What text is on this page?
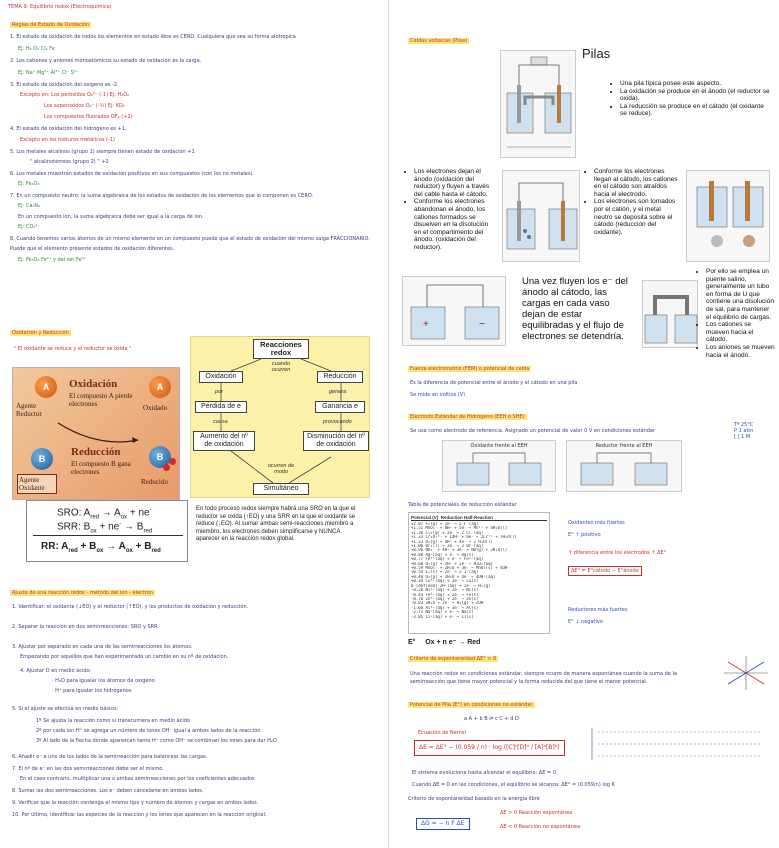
TEMA 9: Equilibrio redox (Electroquímica)
Reglas de Estado de Oxidación
1. El estado de oxidación de todos los elementos en estado libre es CERO. Cualquiera que sea su forma alotrópica
Ej: H₂ O₂ Cl₂ Fe
2. Los cationes y aniones monoatómicos su estado de oxidación es la carga.
Ej: Na⁺ Mg²⁺ Al³⁺ Cl⁻ S²⁻
3. El estado de oxidación del oxígeno es -2.
Excepto en: Los peróxidos O₂²⁻ (-1) Ej: H₂O₂
Los superóxidos O₂⁻ (-½) Ej: KO₂
Los compuestos fluorados OF₂ (+2)
4. El estado de oxidación del hidrógeno es +1.
Excepto en los hidruros metálicos (-1)
5. Los metales alcalinos (grupo 1) siempre tienen estado de oxidación +1
" alcalinotérreos (grupo 2) " +2
6. Los metales muestran estados de oxidación positivos en sus compuestos (con los no metales).
Ej: Fe₂O₃
7. En un compuesto neutro, la suma algebraica de los estados de oxidación de los elementos que lo componen es CERO.
Ej: Ca₃N₂
En un compuesto ion, la suma algebraica debe ser igual a la carga de ion.
Ej: CO₃²⁻
8. Cuando tenemos varios átomos de un mismo elemento en un compuesto puede que el estado de oxidación del mismo salga FRACCIONARIO.
Puede que el elemento presente estados de oxidación diferentes.
Ej: Fe₃O₄ Fe²⁺ y del ion Fe³⁺
Oxidación y Reducción
" El oxidante se reduce y el reductor se oxida "
A	A
Oxidación
El compuesto A pierde electrones
Agente Reductor
Oxidado
Reducción
El compuesto B gana electrones
B	B
Agente Oxidante
Reducido
Reacciones redox
cuando ocurren
Oxidación	Reducción
por	genera
Pérdida de e	Ganancia e
causa	provocando
Aumento del nº de oxidación
Disminución del nº de oxidación
ocurren de modo
Simultáneo
SRO: $A_{red} \to A_{ox} + ne^-$
SRR: $B_{ox} + ne^- \to B_{red}$
RR: $A_{red} + B_{ox} \to A_{ox} + B_{red}$
En todo proceso redox siempre habrá una SRO en la que el reductor se oxida (↑EO) y una SRR en la que el oxidante se reduce (↓EO). Al sumar ambas semi-reacciones miembro a miembro, los electrones deben simplificarse y NUNCA aparecer en la reacción redox global.
Ajuste de una reacción redox - método del ion - electrón
1. Identificar: el oxidante (↓EO) y el reductor (↑EO), y los productos de oxidación y reducción.
2. Separar la reacción en dos semirreacciones: SRO y SRR.
3. Ajustar por separado en cada una de las semirreacciones los átomos.
Empezando por aquellos que han experimentado un cambio en su nº de oxidación.
4. Ajustar O en medio ácido:
· H₂O para igualar los átomos de oxígeno
· H⁺ para igualar los hidrógenos
5. Si el ajuste se efectúa en medio básico:
1º Se ajusta la reacción como si transcurriera en medio ácido
2º por cada ion H⁺ se agrega un número de iones OH⁻ igual a ambos lados de la reacción
3º Al lado de la flecha donde aparezcan tanto H⁺ como OH⁻ se combinan los iones para dar H₂O
6. Añadir e⁻ a uno de los lados de la semirreacción para balancear las cargas.
7. El nº de e⁻ en las dos semirreacciones debe ser el mismo.
En el caso contrario, multiplicar una o ambas semirreacciones por los coeficientes adecuados
8. Sumar las dos semirreacciones. Los e⁻ deben cancelarse en ambos lados.
9. Verificar que la reacción contenga el mismo tipo y número de átomos y cargas en ambos lados.
10. Por último, identificar las especies de la reacción y los iones que aparecen en la reacción original.
Celdas voltaicas (Pilas)
Pilas
• Una pila típica posee este aspecto.
• La oxidación se produce en el ánodo (el reductor se oxida).
• La reducción se produce en el cátodo (el oxidante se reduce).
• Los electrones dejan el ánodo (oxidación del reductor) y fluyen a través del cable hasta el cátodo.
• Conforme los electrones abandonan el ánodo, los cationes formados se disuelven en la disolución en el compartimento del ánodo. (oxidación del reductor).
• Conforme los electrones llegan al cátodo, los cationes en el cátodo son atraídos hacia el electrodo.
• Los electrones son tomados por el catión, y el metal neutro se deposita sobre el cátodo (reducción del oxidante).
+	−
Una vez fluyen los e⁻ del ánodo al cátodo, las cargas en cada vaso dejan de estar equilibradas y el flujo de electrones se detendría.
• Por ello se emplea un puente salino, generalmente un tubo en forma de U que contiene una disolución de sal, para mantener el equilibrio de cargas.
• Los cationes se mueven hacia el cátodo.
• Los aniones se mueven hacia el ánodo.
Fuerza electromotriz (FEM) o potencial de celda
Es la diferencia de potencial entre el ánodo y el cátodo en una pila
Se mide en voltios (V)
Electrodo Estándar de Hidrógeno (EEH o SHE)
Se usa como electrodo de referencia. Asignado un potencial de valor 0 V en condiciones estándar
Tª 25°C
P 1 atm
[ ] 1 M
Oxidante frente al EEH	Reductor frente al EEH
Tabla de potenciales de reducción estándar
Potencial (V) Reduction Half-Reaction
+2.87 F₂(g) + 2e⁻ → 2 F⁻(aq)
+1.51 MnO₄⁻ + 8H⁺ + 5e⁻ → Mn²⁺ + 4H₂O(l)
+1.36 Cl₂(g) + 2e⁻ → 2 Cl⁻(aq)
+1.33 Cr₂O₇²⁻ + 14H⁺ + 6e⁻ → 2Cr³⁺ + 7H₂O(l)
+1.23 O₂(g) + 4H⁺ + 4e⁻ → 2 H₂O(l)
+1.06 Br₂(l) + 2e⁻ → 2 Br⁻(aq)
+0.96 NO₃⁻ + 4H⁺ + 3e⁻ → NO(g) + 2H₂O(l)
+0.80 Ag⁺(aq) + e⁻ → Ag(s)
+0.77 Fe³⁺(aq) + e⁻ → Fe²⁺(aq)
+0.68 O₂(g) + 2H⁺ + 2e⁻ → H₂O₂(aq)
+0.59 MnO₄⁻ + 2H₂O + 3e⁻ → MnO₂(s) + 4OH⁻
+0.54 I₂(s) + 2e⁻ → 2 I⁻(aq)
+0.40 O₂(g) + 2H₂O + 4e⁻ → 4OH⁻(aq)
+0.34 Cu²⁺(aq) + 2e⁻ → Cu(s)
0 [defined] 2H⁺(aq) + 2e⁻ → H₂(g)
-0.28 Ni²⁺(aq) + 2e⁻ → Ni(s)
-0.44 Fe²⁺(aq) + 2e⁻ → Fe(s)
-0.76 Zn²⁺(aq) + 2e⁻ → Zn(s)
-0.83 2H₂O + 2e⁻ → H₂(g) + 2OH⁻
-1.66 Al³⁺(aq) + 3e⁻ → Al(s)
-2.71 Na⁺(aq) + e⁻ → Na(s)
-3.05 Li⁺(aq) + e⁻ → Li(s)
E°     Ox + n e⁻ → Red
Oxidantes más fuertes
E° ↑ positivo
↑ diferencia entre los electrodos ↑ ΔE°
ΔE° = E°cátodo − E°ánodo
Reductores más fuertes
E° ↓ negativo
Criterio de espontaneidad ΔE° > 0
Una reacción redox en condiciones estándar, siempre ocurre de manera espontánea cuando la suma de la semirreacción que tiene mayor potencial y la forma reducida del que tiene el menor potencial.
Potencial de Pila (E°) en condiciones no estándar
a A + b B ⇌ c C + d D
Ecuación de Nernst
ΔE = ΔE° − (0.059 / n) · log ([C]ᶜ[D]ᵈ / [A]ᵃ[B]ᵇ)
El sistema evoluciona hasta alcanzar el equilibrio: ΔE = 0
Cuando ΔE = 0 en las condiciones, el equilibrio se alcanza: ΔE° = (0.059/n) log K
Criterio de espontaneidad basado en la energía libre
ΔG = − n F ΔE
ΔE > 0 Reacción espontánea
ΔE < 0 Reacción no espontánea
